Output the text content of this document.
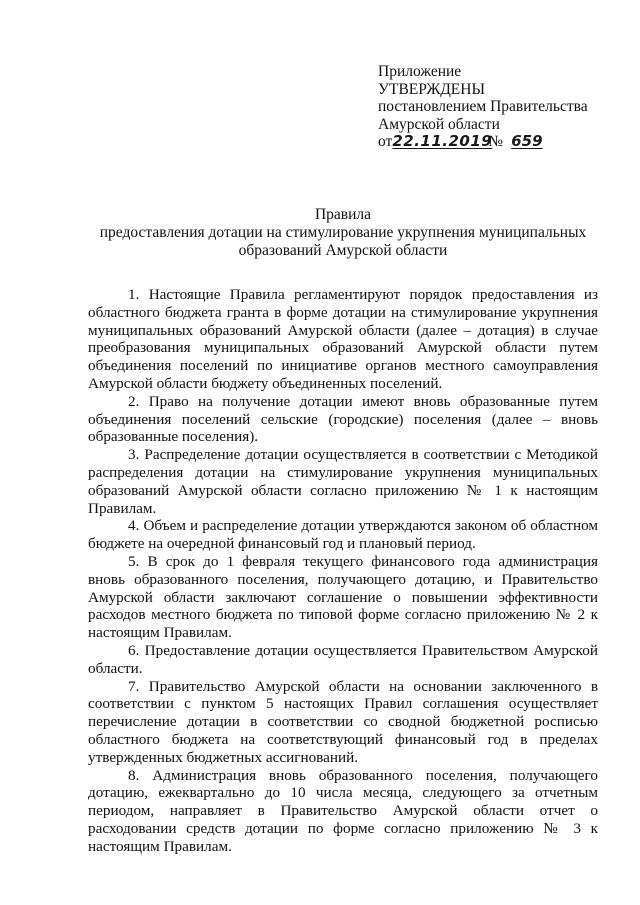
Приложение
УТВЕРЖДЕНЫ
постановлением Правительства
Амурской области
от22.11.2019 № 659
Правила
предоставления дотации на стимулирование укрупнения муниципальных образований Амурской области

1. Настоящие Правила регламентируют порядок предоставления из областного бюджета гранта в форме дотации на стимулирование укрупнения муниципальных образований Амурской области (далее – дотация) в случае преобразования муниципальных образований Амурской области путем объединения поселений по инициативе органов местного самоуправления Амурской области бюджету объединенных поселений.

2. Право на получение дотации имеют вновь образованные путем объединения поселений сельские (городские) поселения (далее – вновь образованные поселения).

3. Распределение дотации осуществляется в соответствии с Методикой распределения дотации на стимулирование укрупнения муниципальных образований Амурской области согласно приложению № 1 к настоящим Правилам.

4. Объем и распределение дотации утверждаются законом об областном бюджете на очередной финансовый год и плановый период.

5. В срок до 1 февраля текущего финансового года администрация вновь образованного поселения, получающего дотацию, и Правительство Амурской области заключают соглашение о повышении эффективности расходов местного бюджета по типовой форме согласно приложению № 2 к настоящим Правилам.

6. Предоставление дотации осуществляется Правительством Амурской области.

7. Правительство Амурской области на основании заключенного в соответствии с пунктом 5 настоящих Правил соглашения осуществляет перечисление дотации в соответствии со сводной бюджетной росписью областного бюджета на соответствующий финансовый год в пределах утвержденных бюджетных ассигнований.

8. Администрация вновь образованного поселения, получающего дотацию, ежеквартально до 10 числа месяца, следующего за отчетным периодом, направляет в Правительство Амурской области отчет о расходовании средств дотации по форме согласно приложению № 3 к настоящим Правилам.
